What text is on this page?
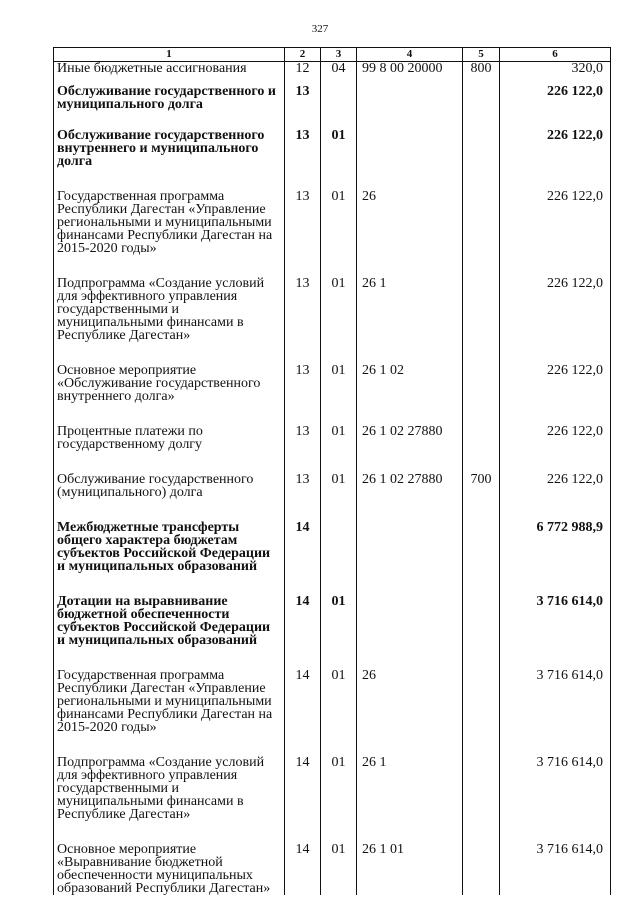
327
1	2	3	4	5	6
Иные бюджетные ассигнования	12	04	99 8 00 20000	800	320,0

Обслуживание государственного и муниципального долга	13				226 122,0

Обслуживание государственного внутреннего и муниципального долга	13	01			226 122,0

Государственная программа Республики Дагестан «Управление региональными и муниципальными финансами Республики Дагестан на 2015-2020 годы»	13	01	26		226 122,0

Подпрограмма «Создание условий для эффективного управления государственными и муниципальными финансами в Республике Дагестан»	13	01	26 1		226 122,0

Основное мероприятие «Обслуживание государственного внутреннего долга»	13	01	26 1 02		226 122,0

Процентные платежи по государственному долгу	13	01	26 1 02 27880		226 122,0

Обслуживание государственного (муниципального) долга	13	01	26 1 02 27880	700	226 122,0

Межбюджетные трансферты общего характера бюджетам субъектов Российской Федерации и муниципальных образований	14				6 772 988,9

Дотации на выравнивание бюджетной обеспеченности субъектов Российской Федерации и муниципальных образований	14	01			3 716 614,0

Государственная программа Республики Дагестан «Управление региональными и муниципальными финансами Республики Дагестан на 2015-2020 годы»	14	01	26		3 716 614,0

Подпрограмма «Создание условий для эффективного управления государственными и муниципальными финансами в Республике Дагестан»	14	01	26 1		3 716 614,0

Основное мероприятие «Выравнивание бюджетной обеспеченности муниципальных образований Республики Дагестан»	14	01	26 1 01		3 716 614,0
